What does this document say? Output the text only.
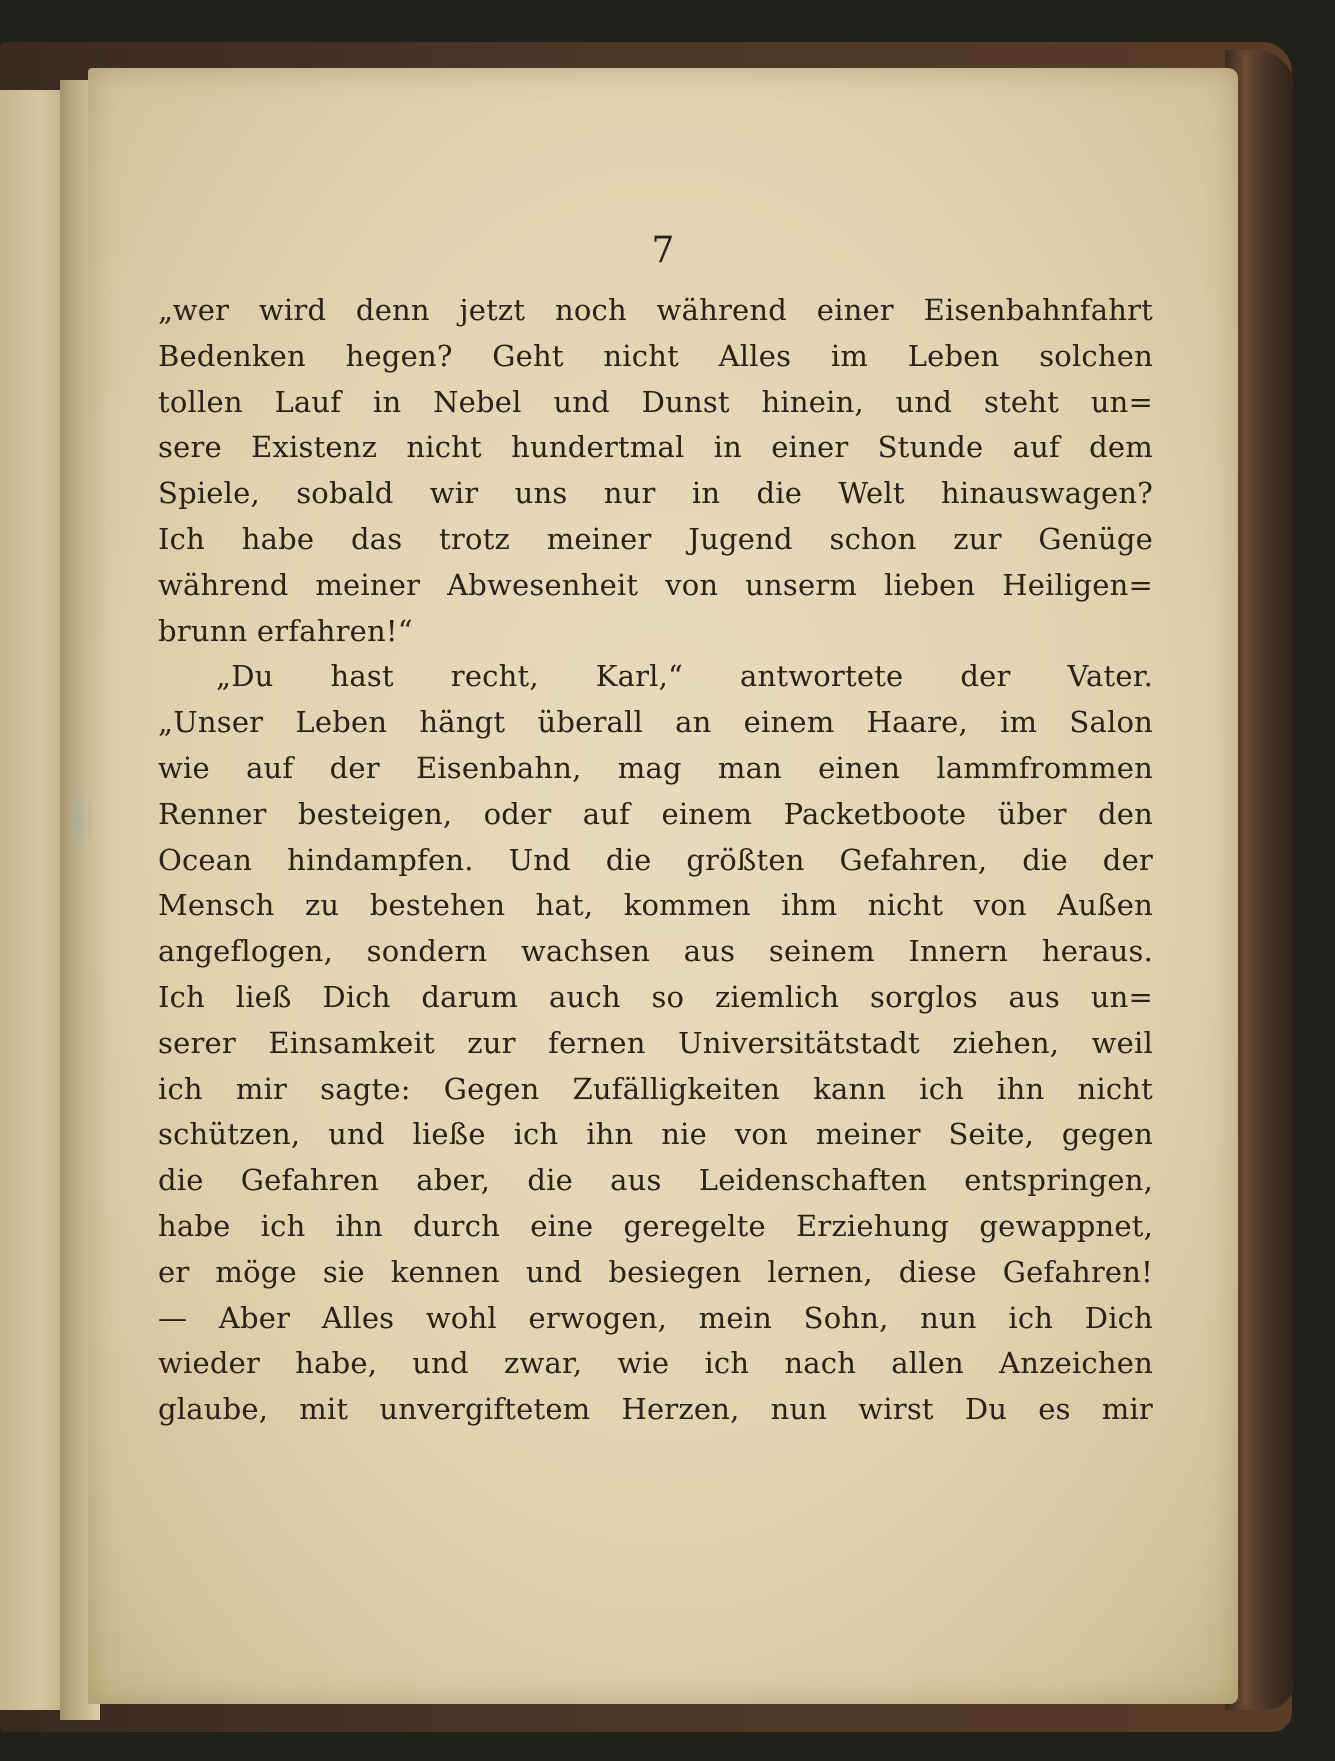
7
„wer wird denn jetzt noch während einer Eisenbahnfahrt
Bedenken hegen? Geht nicht Alles im Leben solchen
tollen Lauf in Nebel und Dunst hinein, und steht un=
sere Existenz nicht hundertmal in einer Stunde auf dem
Spiele, sobald wir uns nur in die Welt hinauswagen?
Ich habe das trotz meiner Jugend schon zur Genüge
während meiner Abwesenheit von unserm lieben Heiligen=
brunn erfahren!“
„Du hast recht, Karl,“ antwortete der Vater.
„Unser Leben hängt überall an einem Haare, im Salon
wie auf der Eisenbahn, mag man einen lammfrommen
Renner besteigen, oder auf einem Packetboote über den
Ocean hindampfen. Und die größten Gefahren, die der
Mensch zu bestehen hat, kommen ihm nicht von Außen
angeflogen, sondern wachsen aus seinem Innern heraus.
Ich ließ Dich darum auch so ziemlich sorglos aus un=
serer Einsamkeit zur fernen Universitätstadt ziehen, weil
ich mir sagte: Gegen Zufälligkeiten kann ich ihn nicht
schützen, und ließe ich ihn nie von meiner Seite, gegen
die Gefahren aber, die aus Leidenschaften entspringen,
habe ich ihn durch eine geregelte Erziehung gewappnet,
er möge sie kennen und besiegen lernen, diese Gefahren!
— Aber Alles wohl erwogen, mein Sohn, nun ich Dich
wieder habe, und zwar, wie ich nach allen Anzeichen
glaube, mit unvergiftetem Herzen, nun wirst Du es mir
